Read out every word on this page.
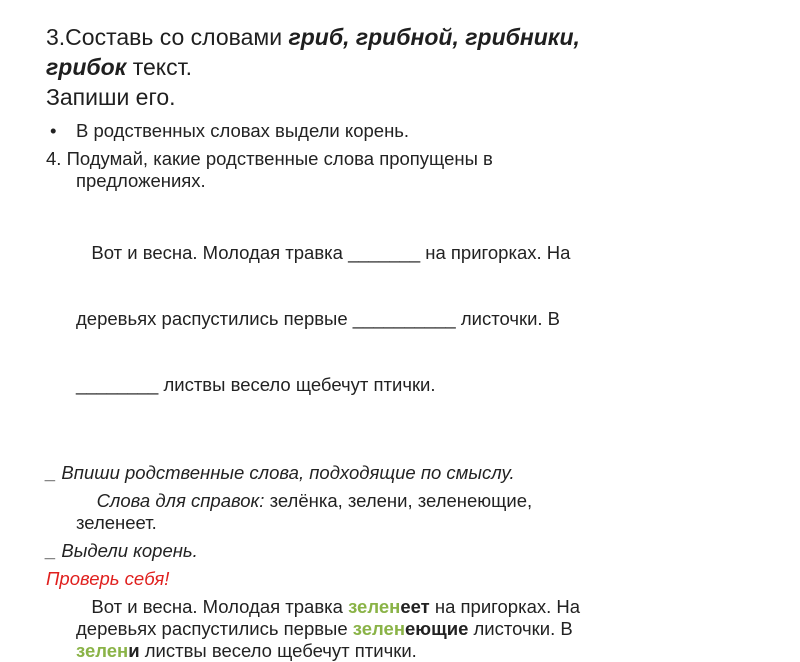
3.Составь со словами гриб, грибной, грибники,
грибок текст.
Запиши его.
• В родственных словах выдели корень.
4. Подумай, какие родственные слова пропущены в
предложениях.

Вот и весна. Молодая травка _______ на пригорках. На

деревьях распустились первые __________ листочки. В

________ листвы весело щебечут птички.

_ Впиши родственные слова, подходящие по смыслу.
Слова для справок: зелёнка, зелени, зеленеющие,
зеленеет.
_ Выдели корень.
Проверь себя!
Вот и весна. Молодая травка зеленеет на пригорках. На
деревьях распустились первые зеленеющие листочки. В
зелени листвы весело щебечут птички.
